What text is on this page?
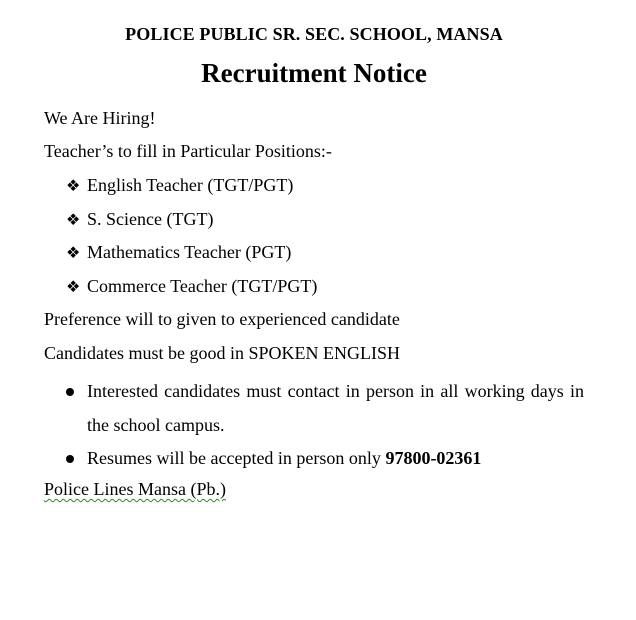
POLICE PUBLIC SR. SEC. SCHOOL, MANSA
Recruitment Notice
We Are Hiring!
Teacher’s to fill in Particular Positions:-
❖ English Teacher (TGT/PGT)
❖ S. Science (TGT)
❖ Mathematics Teacher (PGT)
❖ Commerce Teacher (TGT/PGT)
Preference will to given to experienced candidate
Candidates must be good in SPOKEN ENGLISH
Interested candidates must contact in person in all working days in the school campus.
Resumes will be accepted in person only 97800-02361
Police Lines Mansa (Pb.)
